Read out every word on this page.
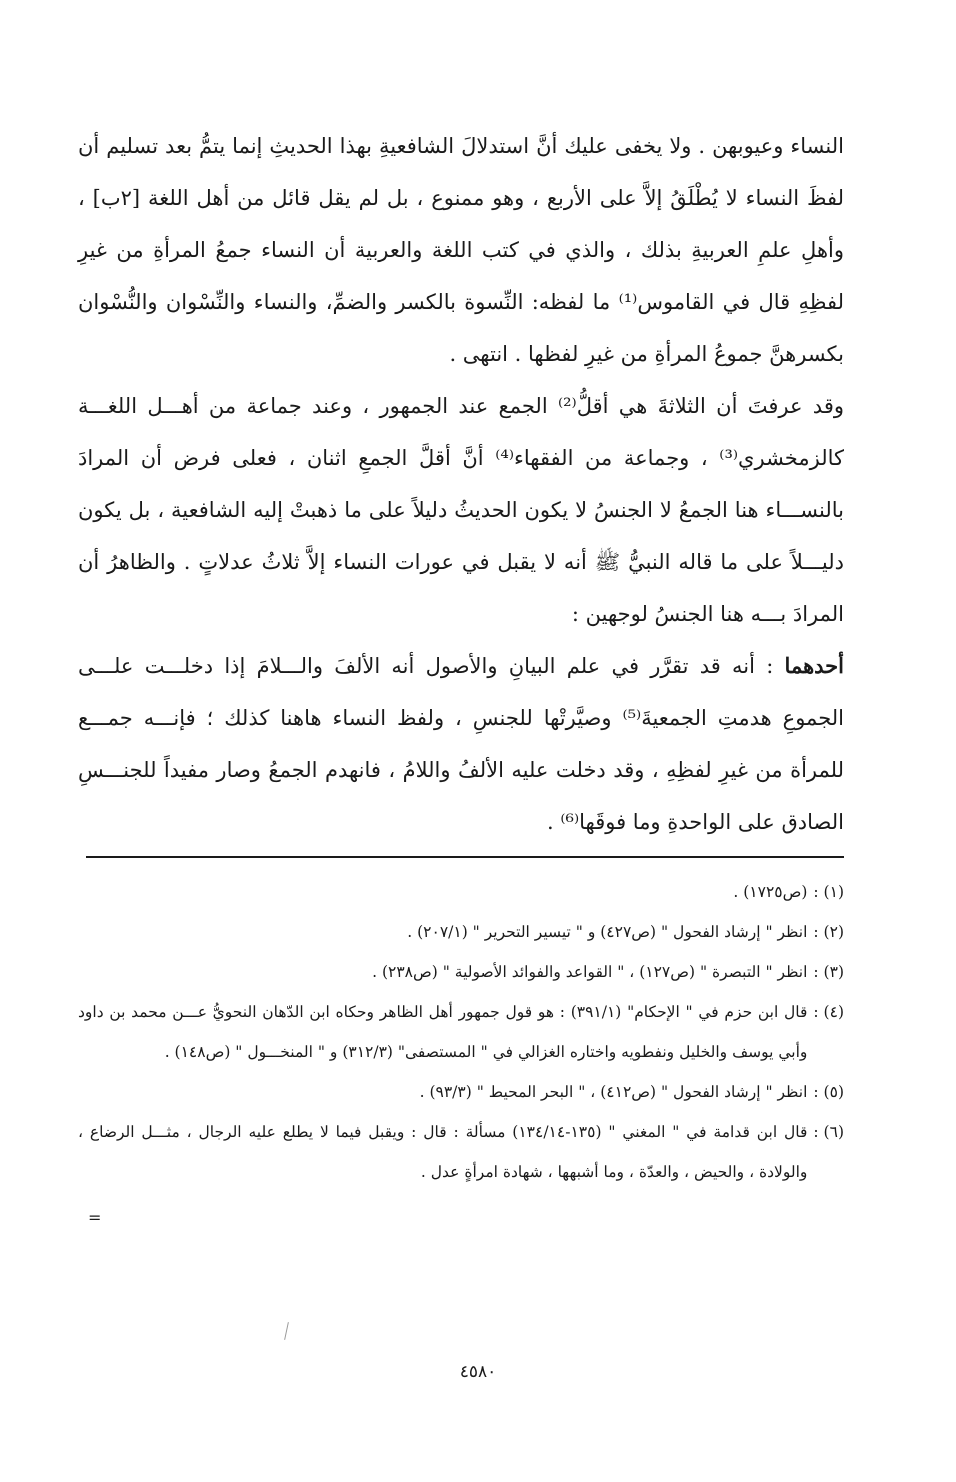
النساء وعيوبهن . ولا يخفى عليك أنَّ استدلالَ الشافعيةِ بهذا الحديثِ إنما يتمُّ بعد تسليم أن لفظَ النساء لا يُطْلَقُ إلاَّ على الأربع ، وهو ممنوع ، بل لم يقل قائل من أهل اللغة [٢ب] ، وأهلِ علمِ العربيةِ بذلك ، والذي في كتب اللغة والعربية أن النساء جمعُ المرأةِ من غيرِ لفظِهِ قال في القاموس⁽¹⁾ ما لفظه: النِّسوة بالكسر والضمِّ، والنساء والنِّسْوان والنُّسْوان بكسرهنَّ جموعُ المرأةِ من غيرِ لفظها . انتهى .

وقد عرفتَ أن الثلاثةَ هي أقلُّ⁽²⁾ الجمع عند الجمهور ، وعند جماعة من أهـــل اللغـــة كالزمخشري⁽³⁾ ، وجماعة من الفقهاء⁽⁴⁾ أنَّ أقلَّ الجمعِ اثنان ، فعلى فرض أن المرادَ بالنســـاء هنا الجمعُ لا الجنسُ لا يكون الحديثُ دليلاً على ما ذهبتْ إليه الشافعية ، بل يكون دليـــلاً على ما قاله النبيُّ ﷺ أنه لا يقبل في عورات النساء إلاَّ ثلاثُ عدلاتٍ . والظاهرُ أن المرادَ بـــه هنا الجنسُ لوجهين :

أحدهما : أنه قد تقرَّر في علم البيانِ والأصول أنه الألفَ والـــلامَ إذا دخلـــت علـــى الجموعِ هدمتِ الجمعيةَ⁽⁵⁾ وصيَّرتْها للجنسِ ، ولفظ النساء هاهنا كذلك ؛ فإنـــه جمـــع للمرأة من غيرِ لفظِهِ ، وقد دخلت عليه الألفُ واللامُ ، فانهدم الجمعُ وصار مفيداً للجنـــسِ الصادق على الواحدةِ وما فوقَها⁽⁶⁾ .

(١) :
(ص١٧٢٥) .
(٢) :
انظر " إرشاد الفحول " (ص٤٢٧) و " تيسير التحرير " (٢٠٧/١) .
(٣) :
انظر " التبصرة " (ص١٢٧) ، " القواعد والفوائد الأصولية " (ص٢٣٨) .
(٤) :
قال ابن حزم في " الإحكام" (٣٩١/١) : هو قول جمهور أهل الظاهر وحكاه ابن الدّهان النحويُّ عـــن محمد بن داود وأبي يوسف والخليل ونفطويه واختاره الغزالي في " المستصفى" (٣١٢/٣) و " المنخـــول " (ص١٤٨) .
(٥) :
انظر " إرشاد الفحول " (ص٤١٢) ، " البحر المحيط " (٩٣/٣) .
(٦) :
قال ابن قدامة في " المغني " (١٣٥-١٣٤/١٤) مسألة : قال : ويقبل فيما لا يطلع عليه الرجال ، مثـــل الرضاع ، والولادة ، والحيض ، والعدّة ، وما أشبهها ، شهادة امرأةٍ عدل .
=
٤٥٨٠
